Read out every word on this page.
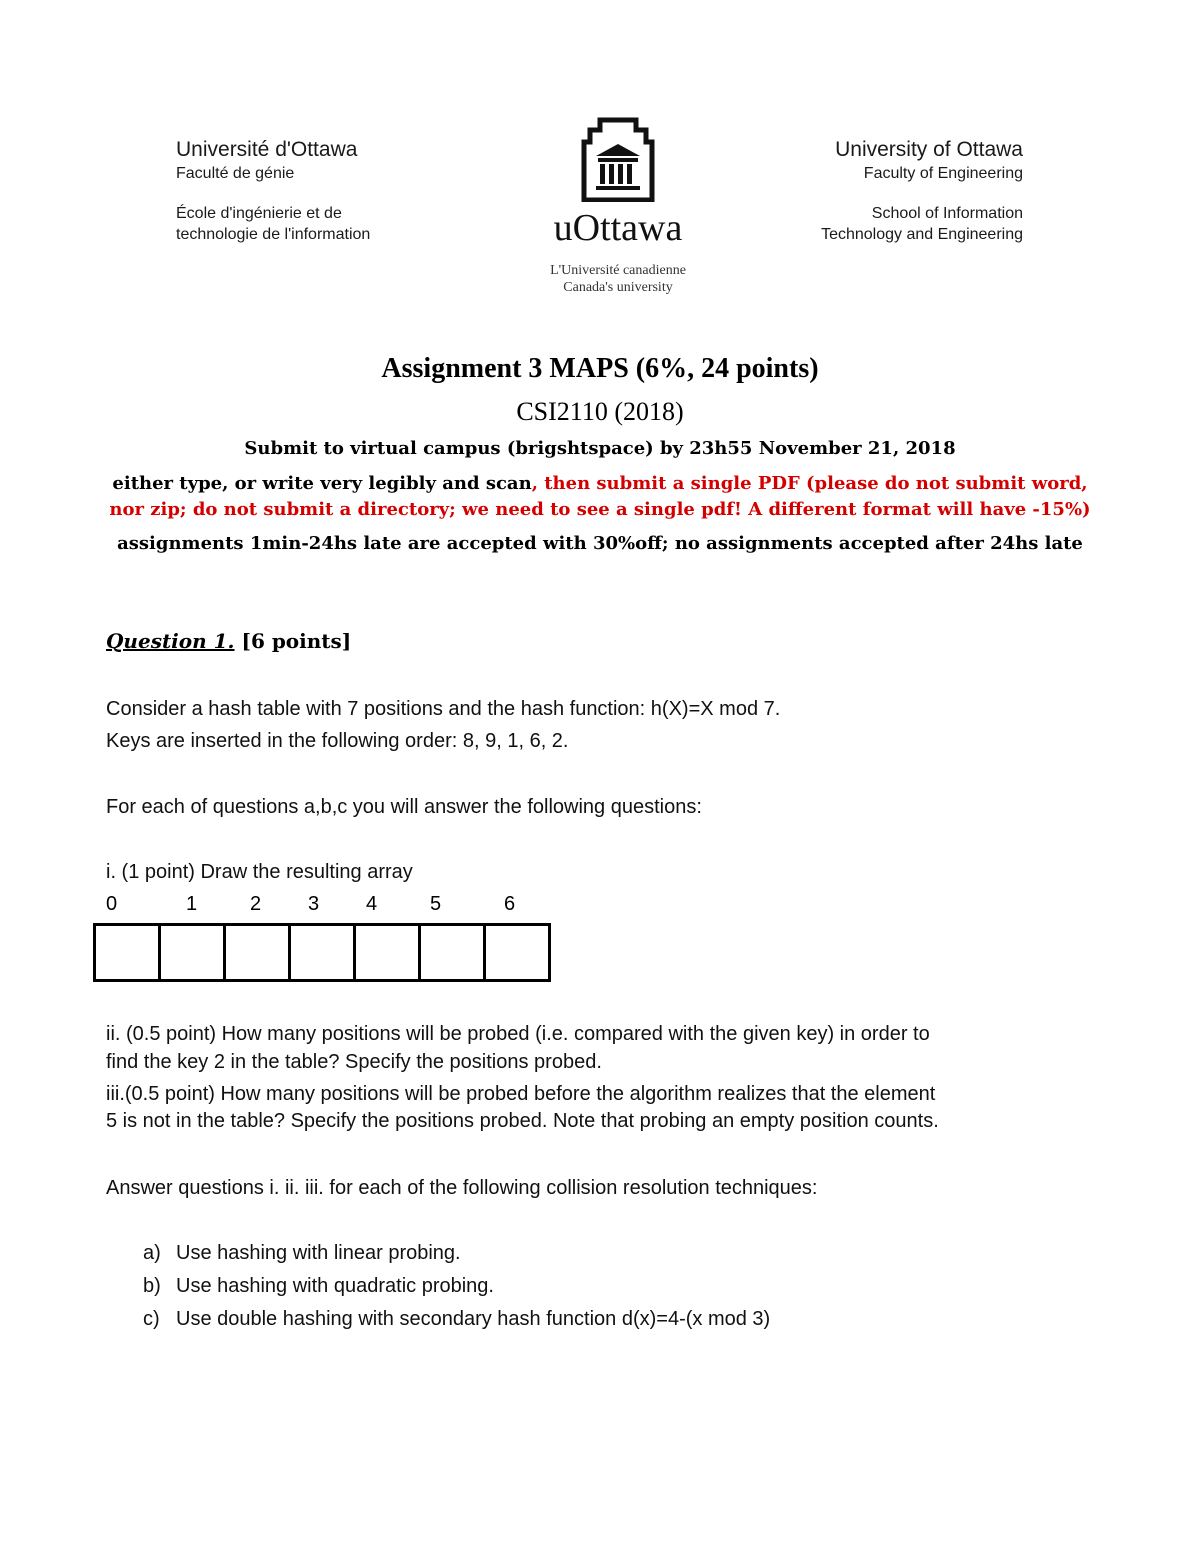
Université d'Ottawa

Faculté de génie

École d'ingénierie et de

technologie de l'information	uOttawa
L'Université canadienne
Canada's university

University of Ottawa

Faculty of Engineering

School of Information

Technology and Engineering

Assignment 3 MAPS (6%, 24 points)
CSI2110 (2018)
Submit to virtual campus (brigshtspace) by 23h55 November 21, 2018
either type, or write very legibly and scan, then submit a single PDF (please do not submit word,
nor zip; do not submit a directory; we need to see a single pdf! A different format will have -15%)
assignments 1min-24hs late are accepted with 30%off; no assignments accepted after 24hs late
Question 1. [6 points]
Consider a hash table with 7 positions and the hash function: h(X)=X mod 7.
Keys are inserted in the following order: 8, 9, 1, 6, 2.
For each of questions a,b,c you will answer the following questions:
i. (1 point) Draw the resulting array
0	1	2 3 4	5	6
ii. (0.5 point) How many positions will be probed (i.e. compared with the given key) in order to
find the key 2 in the table? Specify the positions probed.
iii.(0.5 point) How many positions will be probed before the algorithm realizes that the element
5 is not in the table? Specify the positions probed. Note that probing an empty position counts.
Answer questions i. ii. iii. for each of the following collision resolution techniques:
a) Use hashing with linear probing.
b) Use hashing with quadratic probing.
c) Use double hashing with secondary hash function d(x)=4-(x mod 3)
